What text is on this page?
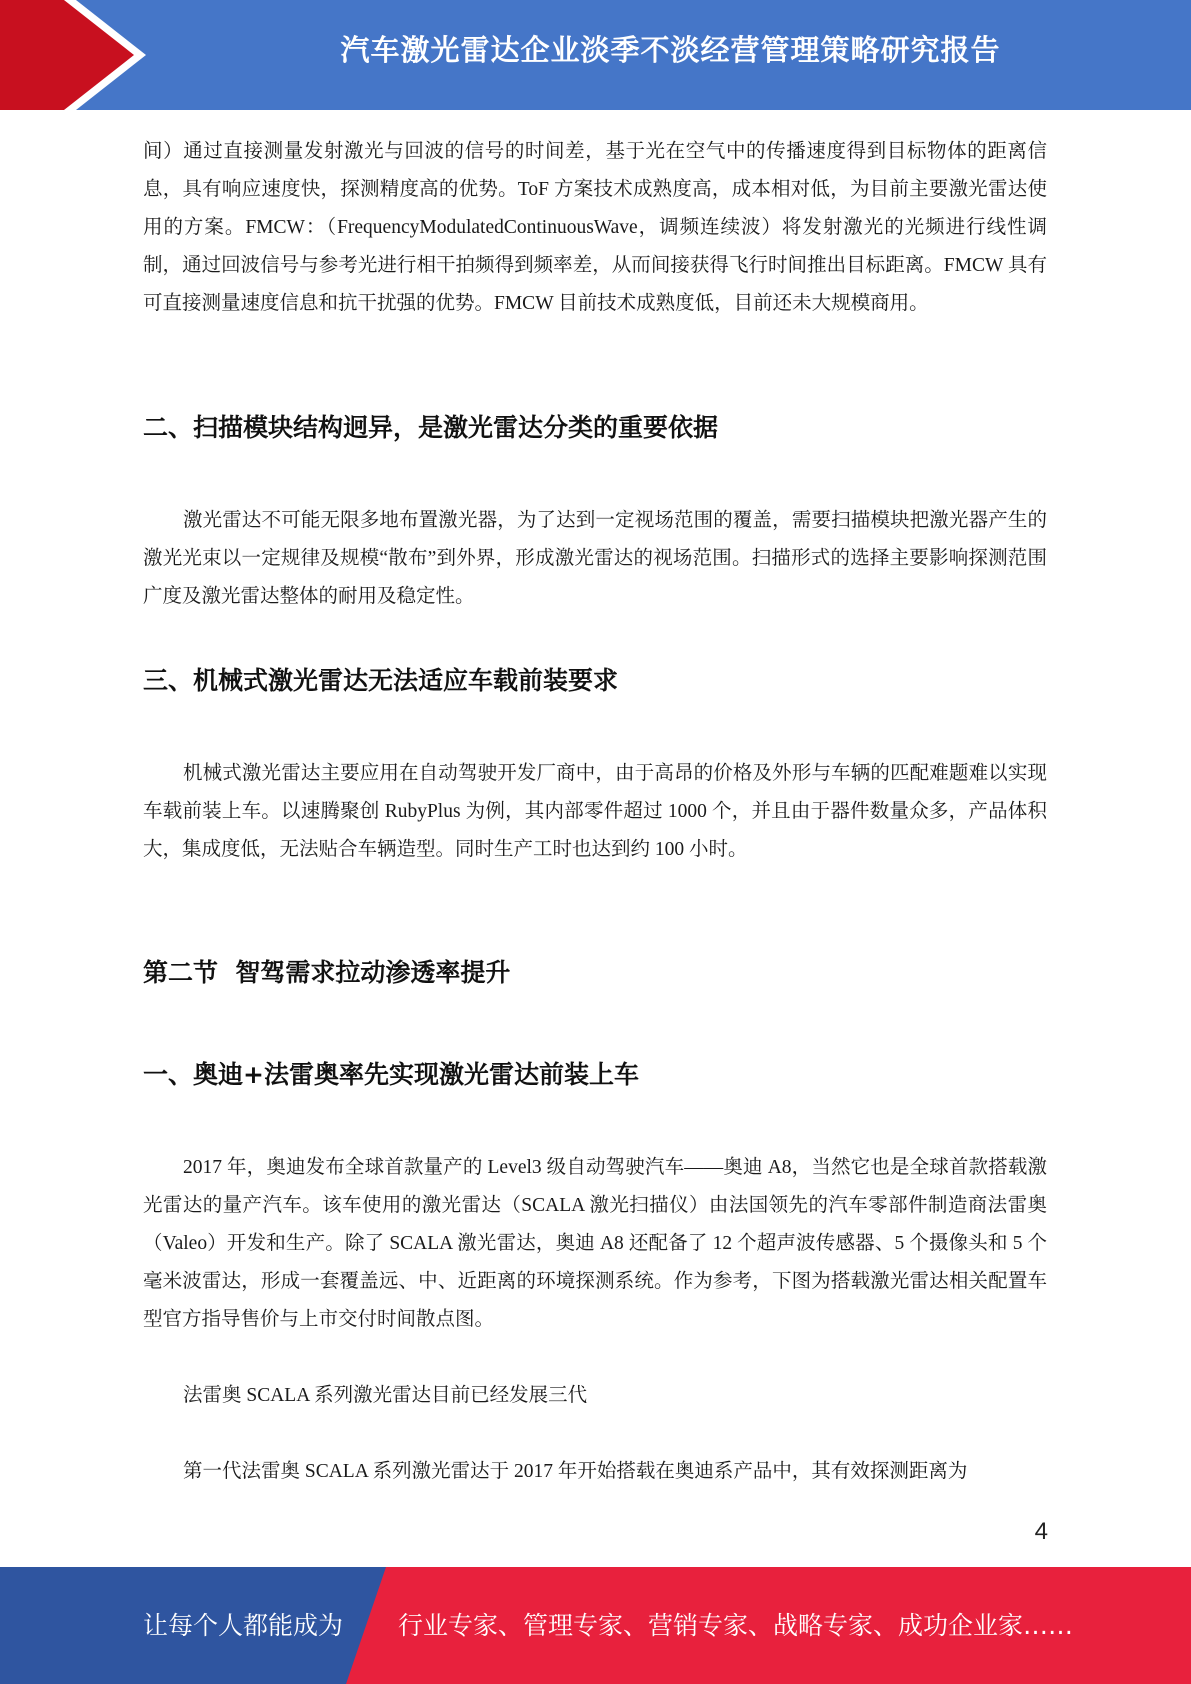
汽车激光雷达企业淡季不淡经营管理策略研究报告

间）通过直接测量发射激光与回波的信号的时间差，基于光在空气中的传播速度得到目标物体的距离信息，具有响应速度快，探测精度高的优势。ToF 方案技术成熟度高，成本相对低，为目前主要激光雷达使用的方案。FMCW：（FrequencyModulatedContinuousWave，调频连续波）将发射激光的光频进行线性调制，通过回波信号与参考光进行相干拍频得到频率差，从而间接获得飞行时间推出目标距离。FMCW 具有可直接测量速度信息和抗干扰强的优势。FMCW 目前技术成熟度低，目前还未大规模商用。

二、扫描模块结构迥异，是激光雷达分类的重要依据

激光雷达不可能无限多地布置激光器，为了达到一定视场范围的覆盖，需要扫描模块把激光器产生的激光光束以一定规律及规模“散布”到外界，形成激光雷达的视场范围。扫描形式的选择主要影响探测范围广度及激光雷达整体的耐用及稳定性。

三、机械式激光雷达无法适应车载前装要求

机械式激光雷达主要应用在自动驾驶开发厂商中，由于高昂的价格及外形与车辆的匹配难题难以实现车载前装上车。以速腾聚创 RubyPlus 为例，其内部零件超过 1000 个，并且由于器件数量众多，产品体积大，集成度低，无法贴合车辆造型。同时生产工时也达到约 100 小时。

第二节  智驾需求拉动渗透率提升
一、奥迪+法雷奥率先实现激光雷达前装上车

2017 年，奥迪发布全球首款量产的 Level3 级自动驾驶汽车——奥迪 A8，当然它也是全球首款搭载激光雷达的量产汽车。该车使用的激光雷达（SCALA 激光扫描仪）由法国领先的汽车零部件制造商法雷奥（Valeo）开发和生产。除了 SCALA 激光雷达，奥迪 A8 还配备了 12 个超声波传感器、5 个摄像头和 5 个毫米波雷达，形成一套覆盖远、中、近距离的环境探测系统。作为参考，下图为搭载激光雷达相关配置车型官方指导售价与上市交付时间散点图。

法雷奥 SCALA 系列激光雷达目前已经发展三代

第一代法雷奥 SCALA 系列激光雷达于 2017 年开始搭载在奥迪系产品中，其有效探测距离为

4
让每个人都能成为 行业专家、管理专家、营销专家、战略专家、成功企业家……
